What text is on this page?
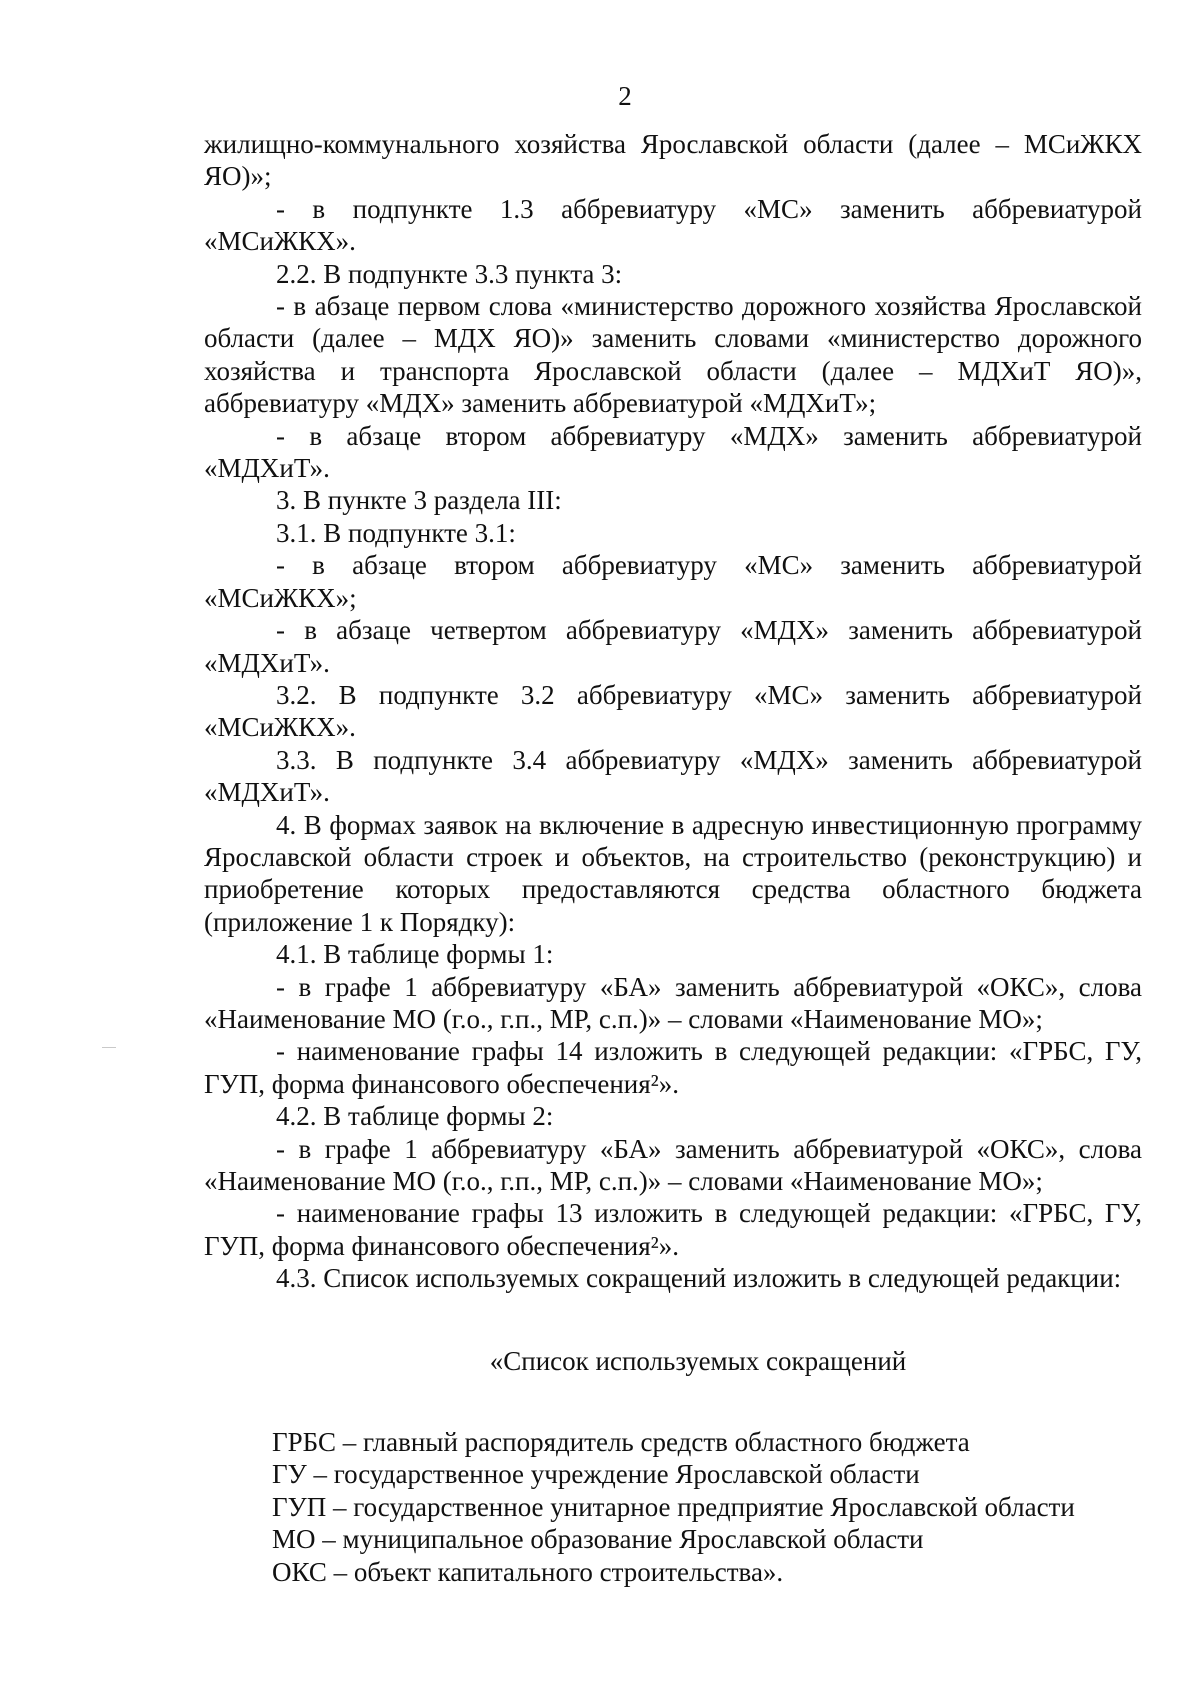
2

жилищно-коммунального хозяйства Ярославской области (далее – МСиЖКХ ЯО)»;

- в подпункте 1.3 аббревиатуру «МС» заменить аббревиатурой «МСиЖКХ».

2.2. В подпункте 3.3 пункта 3:

- в абзаце первом слова «министерство дорожного хозяйства Ярославской области (далее – МДХ ЯО)» заменить словами «министерство дорожного хозяйства и транспорта Ярославской области (далее – МДХиТ ЯО)», аббревиатуру «МДХ» заменить аббревиатурой «МДХиТ»;

- в абзаце втором аббревиатуру «МДХ» заменить аббревиатурой «МДХиТ».

3. В пункте 3 раздела III:

3.1. В подпункте 3.1:

- в абзаце втором аббревиатуру «МС» заменить аббревиатурой «МСиЖКХ»;

- в абзаце четвертом аббревиатуру «МДХ» заменить аббревиатурой «МДХиТ».

3.2. В подпункте 3.2 аббревиатуру «МС» заменить аббревиатурой «МСиЖКХ».

3.3. В подпункте 3.4 аббревиатуру «МДХ» заменить аббревиатурой «МДХиТ».

4. В формах заявок на включение в адресную инвестиционную программу Ярославской области строек и объектов, на строительство (реконструкцию) и приобретение которых предоставляются средства областного бюджета (приложение 1 к Порядку):

4.1. В таблице формы 1:

- в графе 1 аббревиатуру «БА» заменить аббревиатурой «ОКС», слова «Наименование МО (г.о., г.п., МР, с.п.)» – словами «Наименование МО»;

- наименование графы 14 изложить в следующей редакции: «ГРБС, ГУ, ГУП, форма финансового обеспечения²».

4.2. В таблице формы 2:

- в графе 1 аббревиатуру «БА» заменить аббревиатурой «ОКС», слова «Наименование МО (г.о., г.п., МР, с.п.)» – словами «Наименование МО»;

- наименование графы 13 изложить в следующей редакции: «ГРБС, ГУ, ГУП, форма финансового обеспечения²».

4.3. Список используемых сокращений изложить в следующей редакции:

«Список используемых сокращений

ГРБС – главный распорядитель средств областного бюджета
ГУ – государственное учреждение Ярославской области
ГУП – государственное унитарное предприятие Ярославской области
МО – муниципальное образование Ярославской области
ОКС – объект капитального строительства».
